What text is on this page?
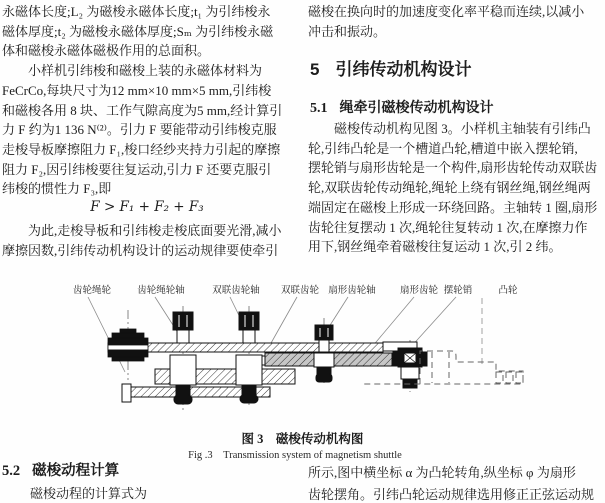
永磁体长度;L₂ 为磁梭永磁体长度;t₁ 为引纬梭永
磁体厚度;t₂ 为磁梭永磁体厚度;Sₘ 为引纬梭永磁
体和磁梭永磁体磁极作用的总面积。
　　小样机引纬梭和磁梭上装的永磁体材料为
FeCrCo,每块尺寸为12 mm×10 mm×5 mm,引纬梭
和磁梭各用 8 块、工作气隙高度为5 mm,经计算引
力 F 约为1 136 N⁽²⁾。引力 F 要能带动引纬梭克服
走梭导板摩擦阻力 F₁,梭口经纱夹持力引起的摩擦
阻力 F₂,因引纬梭要往复运动,引力 F 还要克服引
纬梭的惯性力 F₃,即
F > F₁ + F₂ + F₃
　　为此,走梭导板和引纬梭走梭底面要光滑,减小
摩擦因数,引纬传动机构设计的运动规律要使牵引
磁梭在换向时的加速度变化率平稳而连续,以减小
冲击和振动。
5 引纬传动机构设计
5.1 绳牵引磁梭传动机构设计
　　磁梭传动机构见图 3。小样机主轴装有引纬凸
轮,引纬凸轮是一个槽道凸轮,槽道中嵌入摆轮销,
摆轮销与扇形齿轮是一个构件,扇形齿轮传动双联齿
轮,双联齿轮传动绳轮,绳轮上绕有钢丝绳,钢丝绳两
端固定在磁梭上形成一环绕回路。主轴转 1 圈,扇形
齿轮往复摆动 1 次,绳轮往复转动 1 次,在摩擦力作
用下,钢丝绳牵着磁梭往复运动 1 次,引 2 纬。
齿轮绳轮	齿轮绳轮轴	双联齿轮轴 双联齿轮 扇形齿轮轴	扇形齿轮 摆轮销	凸轮
图 3　磁梭传动机构图
Fig .3　Transmission system of magnetism shuttle
5.2 磁梭动程计算
磁梭动程的计算式为
所示,图中横坐标 α 为凸轮转角,纵坐标 φ 为扇形
齿轮摆角。引纬凸轮运动规律选用修正正弦运动规
